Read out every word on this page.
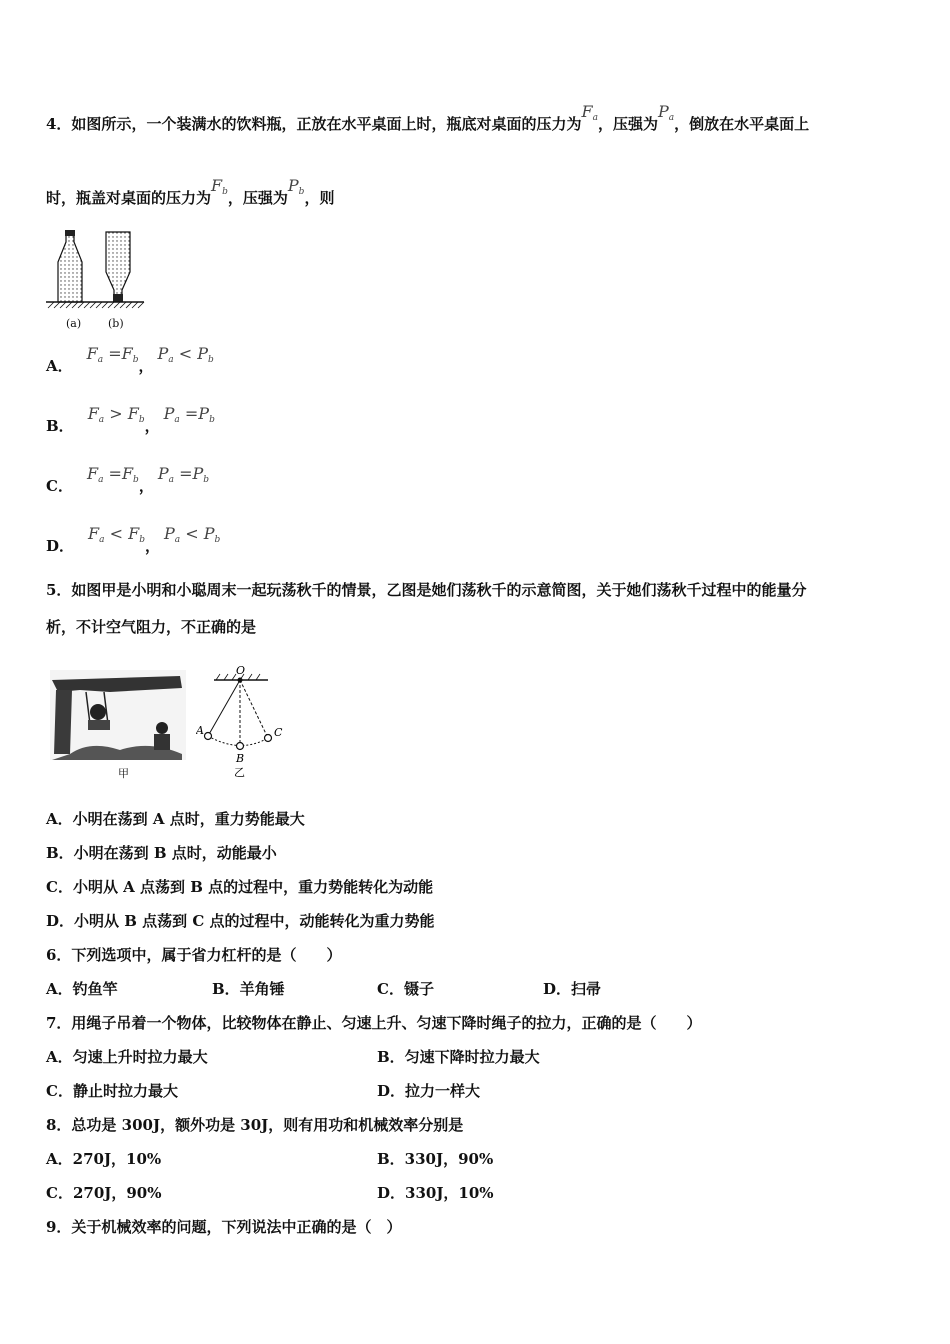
4．如图所示，一个装满水的饮料瓶，正放在水平桌面上时，瓶底对桌面的压力为$F_a$，压强为$P_a$，倒放在水平桌面上
时，瓶盖对桌面的压力为$F_b$，压强为$P_b$，则
(a) (b)
A．$F_a =F_b$，$P_a < P_b$
B．$F_a > F_b$，$P_a =P_b$
C．$F_a =F_b$，$P_a =P_b$
D．$F_a < F_b$，$P_a < P_b$
5．如图甲是小明和小聪周末一起玩荡秋千的情景，乙图是她们荡秋千的示意简图，关于她们荡秋千过程中的能量分
析，不计空气阻力，不正确的是
甲
O
A
B
C
乙
A．小明在荡到 A 点时，重力势能最大
B．小明在荡到 B 点时，动能最小
C．小明从 A 点荡到 B 点的过程中，重力势能转化为动能
D．小明从 B 点荡到 C 点的过程中，动能转化为重力势能
6．下列选项中，属于省力杠杆的是（　　）
A．钓鱼竿	B．羊角锤	C．镊子	D．扫帚
7．用绳子吊着一个物体，比较物体在静止、匀速上升、匀速下降时绳子的拉力，正确的是（　　）
A．匀速上升时拉力最大	B．匀速下降时拉力最大
C．静止时拉力最大	D．拉力一样大
8．总功是 300J，额外功是 30J，则有用功和机械效率分别是
A．270J，10%	B．330J，90%
C．270J，90%	D．330J，10%
9．关于机械效率的问题，下列说法中正确的是（　）
